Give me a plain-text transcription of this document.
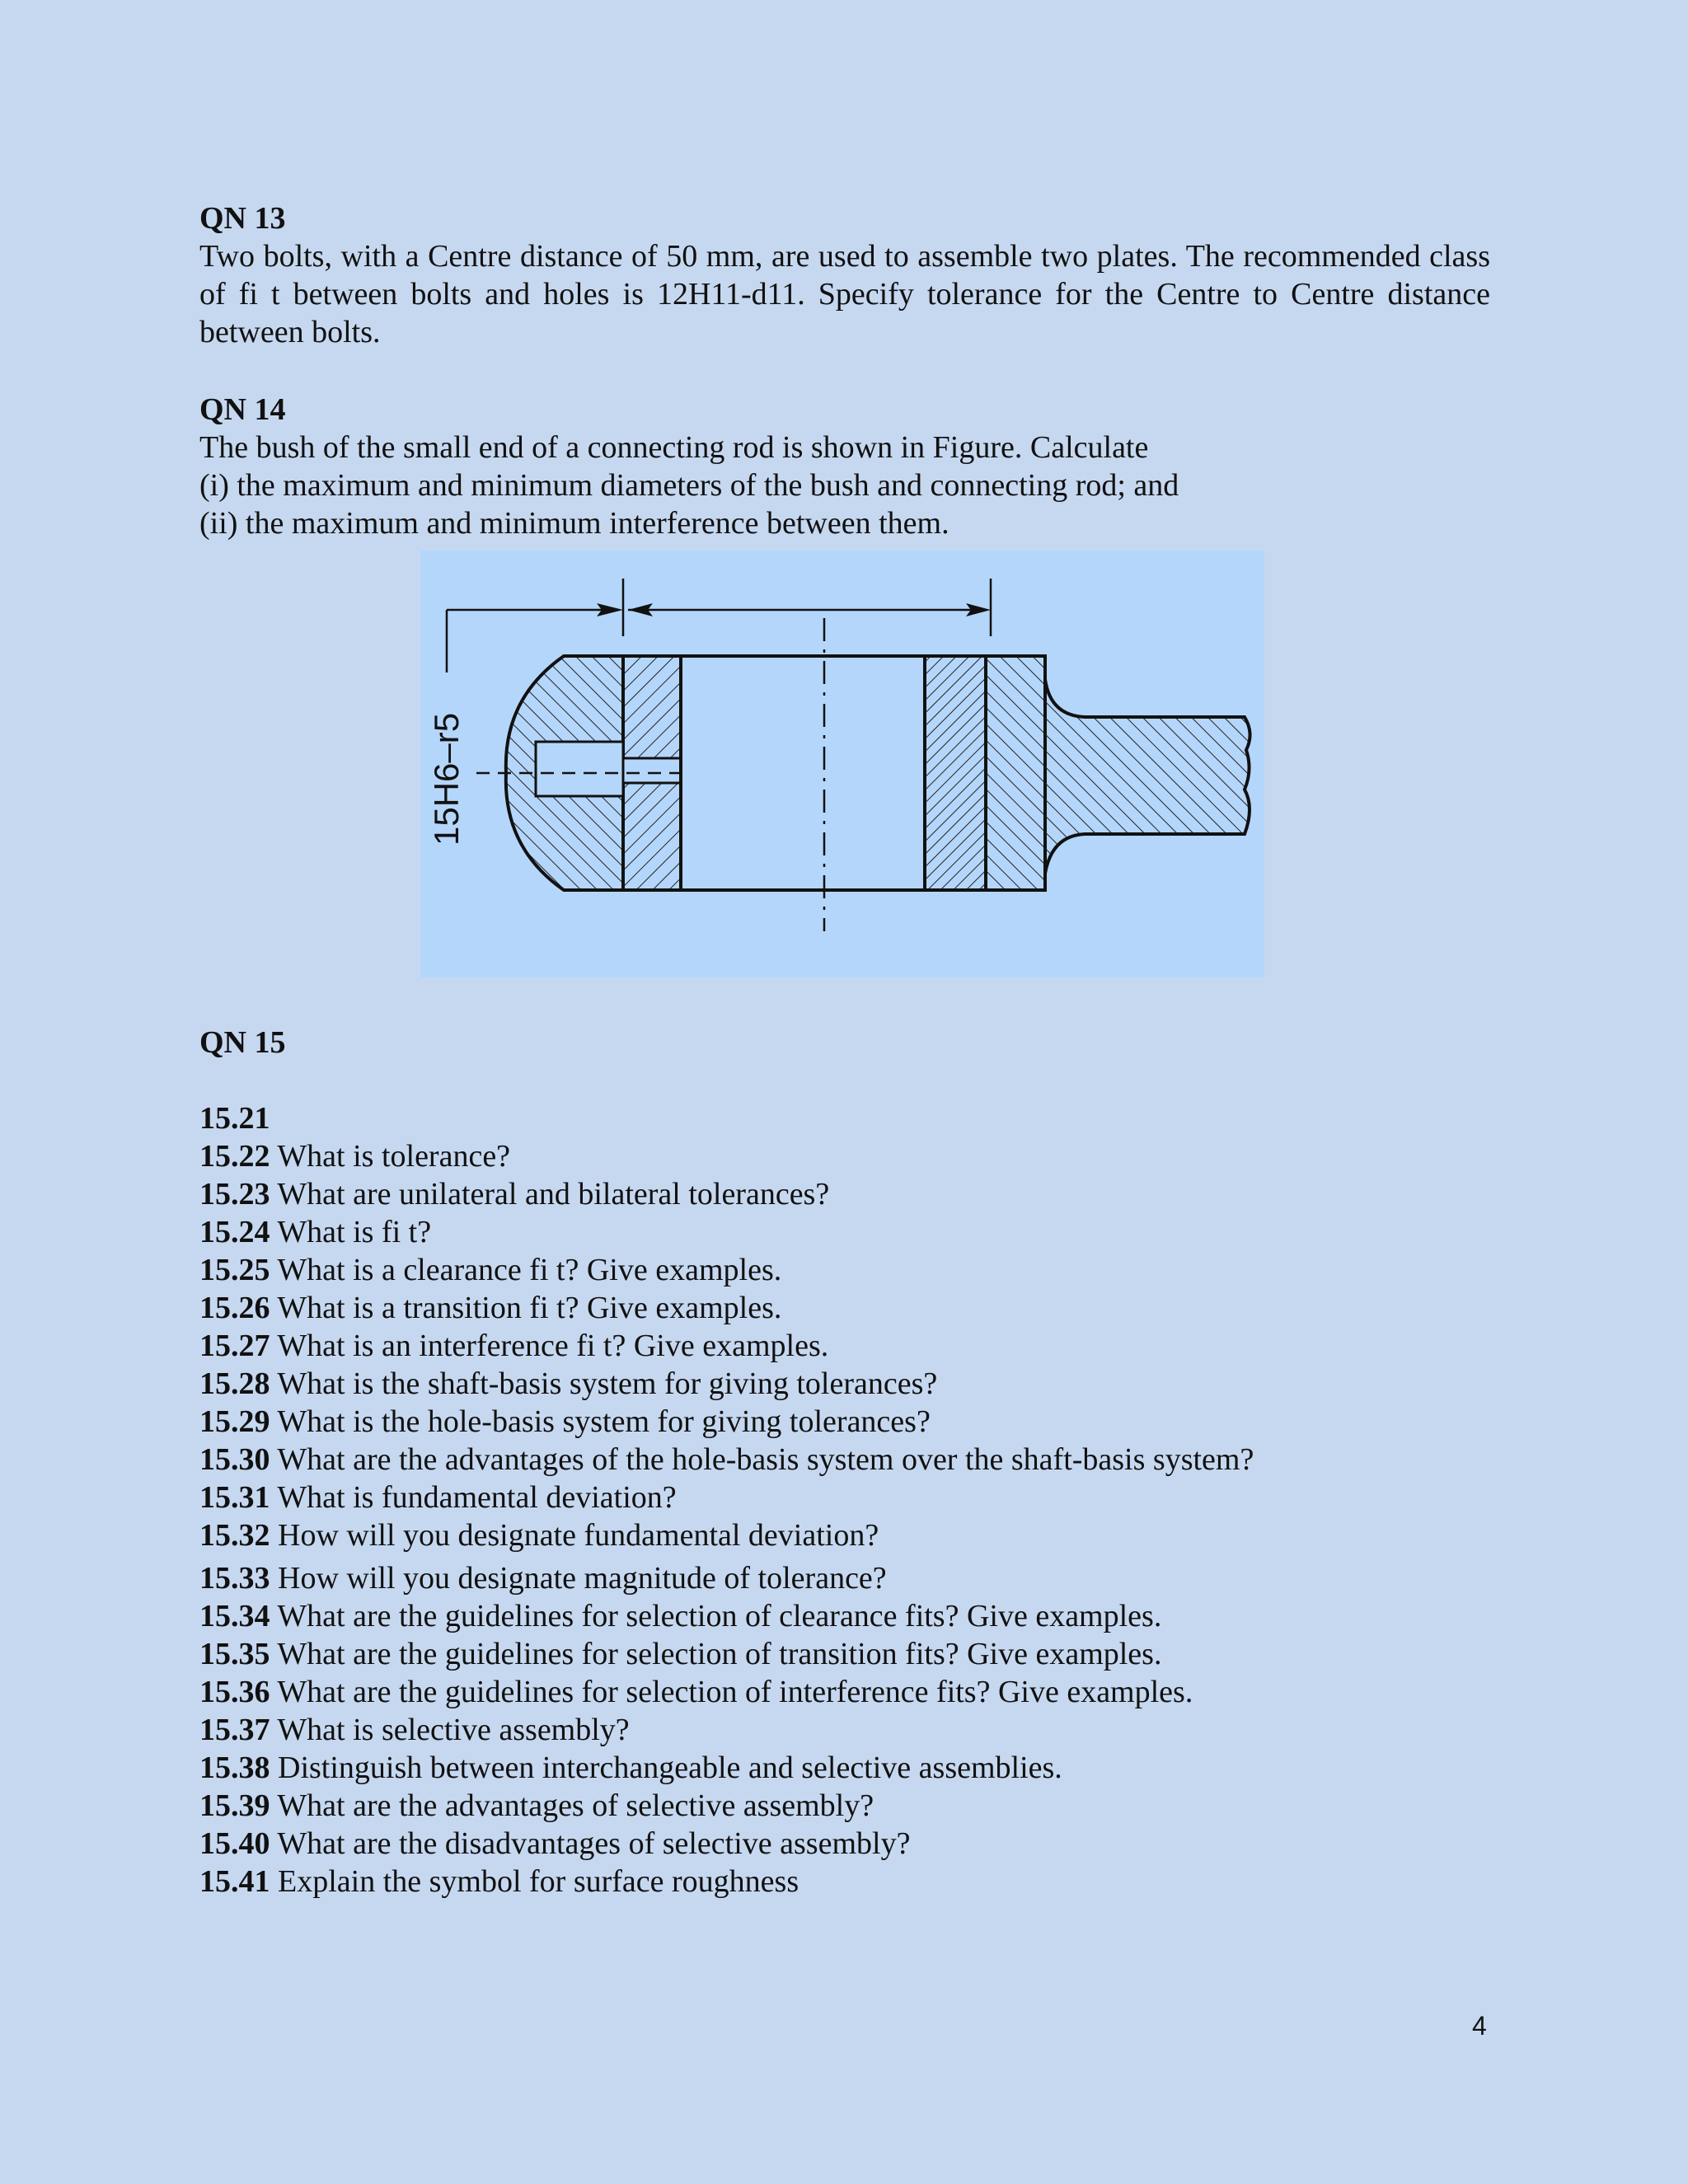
QN 13

Two bolts, with a Centre distance of 50 mm, are used to assemble two plates. The recommended class of fi t between bolts and holes is 12H11-d11. Specify tolerance for the Centre to Centre distance between bolts.

QN 14

The bush of the small end of a connecting rod is shown in Figure. Calculate

(i) the maximum and minimum diameters of the bush and connecting rod; and

(ii) the maximum and minimum interference between them.

15H6–r5

QN 15

15.21

15.22 What is tolerance?

15.23 What are unilateral and bilateral tolerances?

15.24 What is fi t?

15.25 What is a clearance fi t? Give examples.

15.26 What is a transition fi t? Give examples.

15.27 What is an interference fi t? Give examples.

15.28 What is the shaft-basis system for giving tolerances?

15.29 What is the hole-basis system for giving tolerances?

15.30 What are the advantages of the hole-basis system over the shaft-basis system?

15.31 What is fundamental deviation?

15.32 How will you designate fundamental deviation?

15.33 How will you designate magnitude of tolerance?

15.34 What are the guidelines for selection of clearance fits? Give examples.

15.35 What are the guidelines for selection of transition fits? Give examples.

15.36 What are the guidelines for selection of interference fits? Give examples.

15.37 What is selective assembly?

15.38 Distinguish between interchangeable and selective assemblies.

15.39 What are the advantages of selective assembly?

15.40 What are the disadvantages of selective assembly?

15.41 Explain the symbol for surface roughness

4
